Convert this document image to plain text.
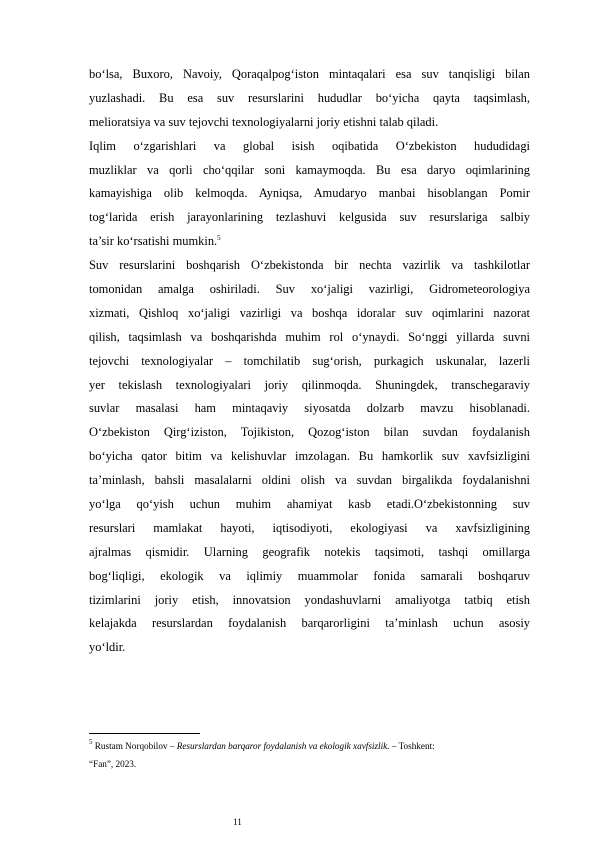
bo‘lsa, Buxoro, Navoiy, Qoraqalpog‘iston mintaqalari esa suv tanqisligi bilan
yuzlashadi. Bu esa suv resurslarini hududlar bo‘yicha qayta taqsimlash,
melioratsiya va suv tejovchi texnologiyalarni joriy etishni talab qiladi.
Iqlim o‘zgarishlari va global isish oqibatida O‘zbekiston hududidagi
muzliklar va qorli cho‘qqilar soni kamaymoqda. Bu esa daryo oqimlarining
kamayishiga olib kelmoqda. Ayniqsa, Amudaryo manbai hisoblangan Pomir
tog‘larida erish jarayonlarining tezlashuvi kelgusida suv resurslariga salbiy
ta’sir ko‘rsatishi mumkin.$^5$
Suv resurslarini boshqarish O‘zbekistonda bir nechta vazirlik va tashkilotlar
tomonidan amalga oshiriladi. Suv xo‘jaligi vazirligi, Gidrometeorologiya
xizmati, Qishloq xo‘jaligi vazirligi va boshqa idoralar suv oqimlarini nazorat
qilish, taqsimlash va boshqarishda muhim rol o‘ynaydi. So‘nggi yillarda suvni
tejovchi texnologiyalar – tomchilatib sug‘orish, purkagich uskunalar, lazerli
yer tekislash texnologiyalari joriy qilinmoqda. Shuningdek, transchegaraviy
suvlar masalasi ham mintaqaviy siyosatda dolzarb mavzu hisoblanadi.
O‘zbekiston Qirg‘iziston, Tojikiston, Qozog‘iston bilan suvdan foydalanish
bo‘yicha qator bitim va kelishuvlar imzolagan. Bu hamkorlik suv xavfsizligini
ta’minlash, bahsli masalalarni oldini olish va suvdan birgalikda foydalanishni
yo‘lga qo‘yish uchun muhim ahamiyat kasb etadi.O‘zbekistonning suv
resurslari mamlakat hayoti, iqtisodiyoti, ekologiyasi va xavfsizligining
ajralmas qismidir. Ularning geografik notekis taqsimoti, tashqi omillarga
bog‘liqligi, ekologik va iqlimiy muammolar fonida samarali boshqaruv
tizimlarini joriy etish, innovatsion yondashuvlarni amaliyotga tatbiq etish
kelajakda resurslardan foydalanish barqarorligini ta’minlash uchun asosiy
yo‘ldir.
$^5$ Rustam Norqobilov – Resurslardan barqaror foydalanish va ekologik xavfsizlik. – Toshkent:
“Fan”, 2023.
11
